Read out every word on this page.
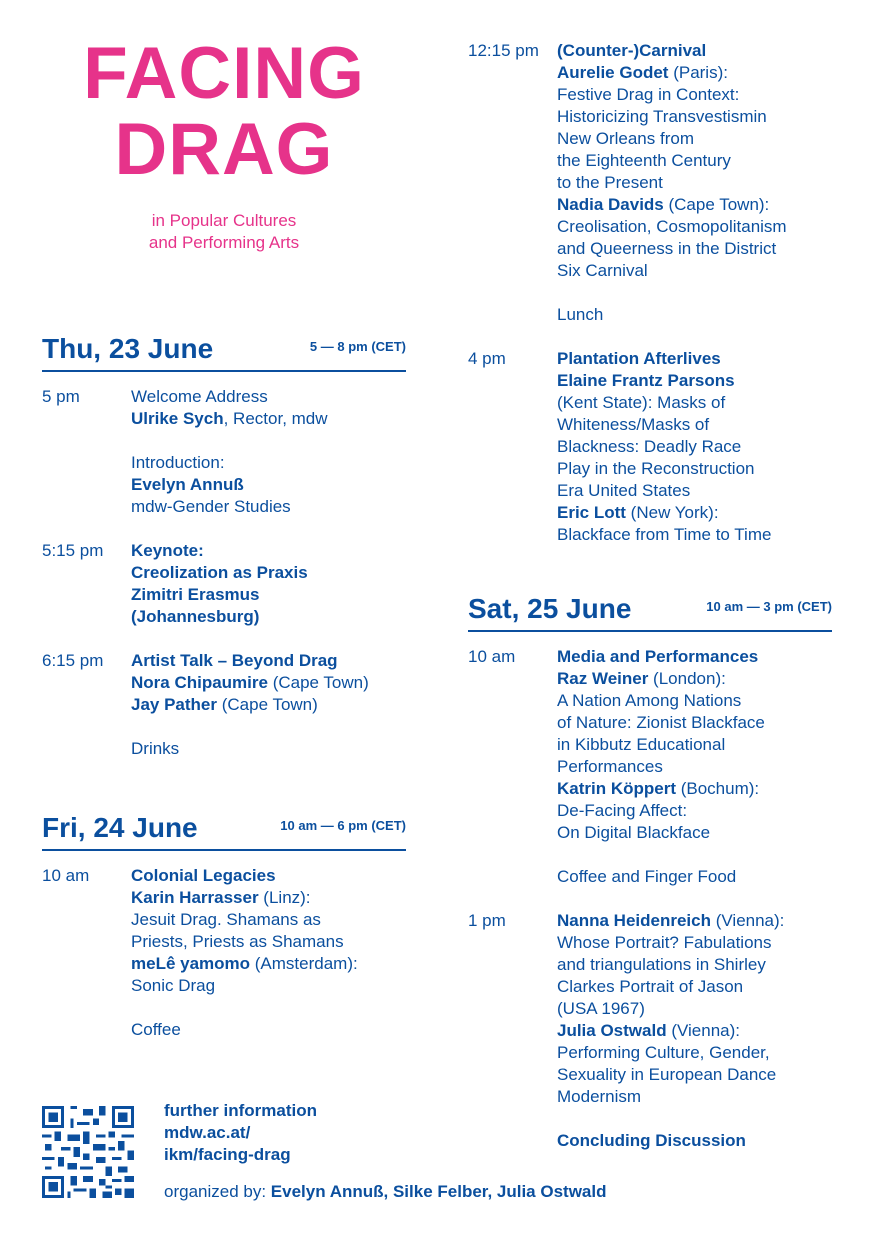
FACING
DRAG
in Popular Cultures
and Performing Arts
Thu, 23 June	5 — 8 pm (CET)
5 pm	Welcome Address
Ulrike Sych, Rector, mdw
Introduction:
Evelyn Annuß
mdw-Gender Studies
5:15 pm	Keynote:
Creolization as Praxis
Zimitri Erasmus
(Johannesburg)
6:15 pm	Artist Talk – Beyond Drag
Nora Chipaumire (Cape Town)
Jay Pather (Cape Town)
Drinks
Fri, 24 June	10 am — 6 pm (CET)
10 am	Colonial Legacies
Karin Harrasser (Linz):
Jesuit Drag. Shamans as
Priests, Priests as Shamans
meLê yamomo (Amsterdam):
Sonic Drag
Coffee
12:15 pm	(Counter-)Carnival
Aurelie Godet (Paris):
Festive Drag in Context:
Historicizing Transvestismin
New Orleans from
the Eighteenth Century
to the Present
Nadia Davids (Cape Town):
Creolisation, Cosmopolitanism
and Queerness in the District
Six Carnival
Lunch
4 pm	Plantation Afterlives
Elaine Frantz Parsons
(Kent State): Masks of
Whiteness/Masks of
Blackness: Deadly Race
Play in the Reconstruction
Era United States
Eric Lott (New York):
Blackface from Time to Time
Sat, 25 June	10 am — 3 pm (CET)
10 am	Media and Performances
Raz Weiner (London):
A Nation Among Nations
of Nature: Zionist Blackface
in Kibbutz Educational
Performances
Katrin Köppert (Bochum):
De-Facing Affect:
On Digital Blackface
Coffee and Finger Food
1 pm	Nanna Heidenreich (Vienna):
Whose Portrait? Fabulations
and triangulations in Shirley
Clarkes Portrait of Jason
(USA 1967)
Julia Ostwald (Vienna):
Performing Culture, Gender,
Sexuality in European Dance
Modernism
Concluding Discussion
further information
mdw.ac.at/
ikm/facing-drag
organized by: Evelyn Annuß, Silke Felber, Julia Ostwald
